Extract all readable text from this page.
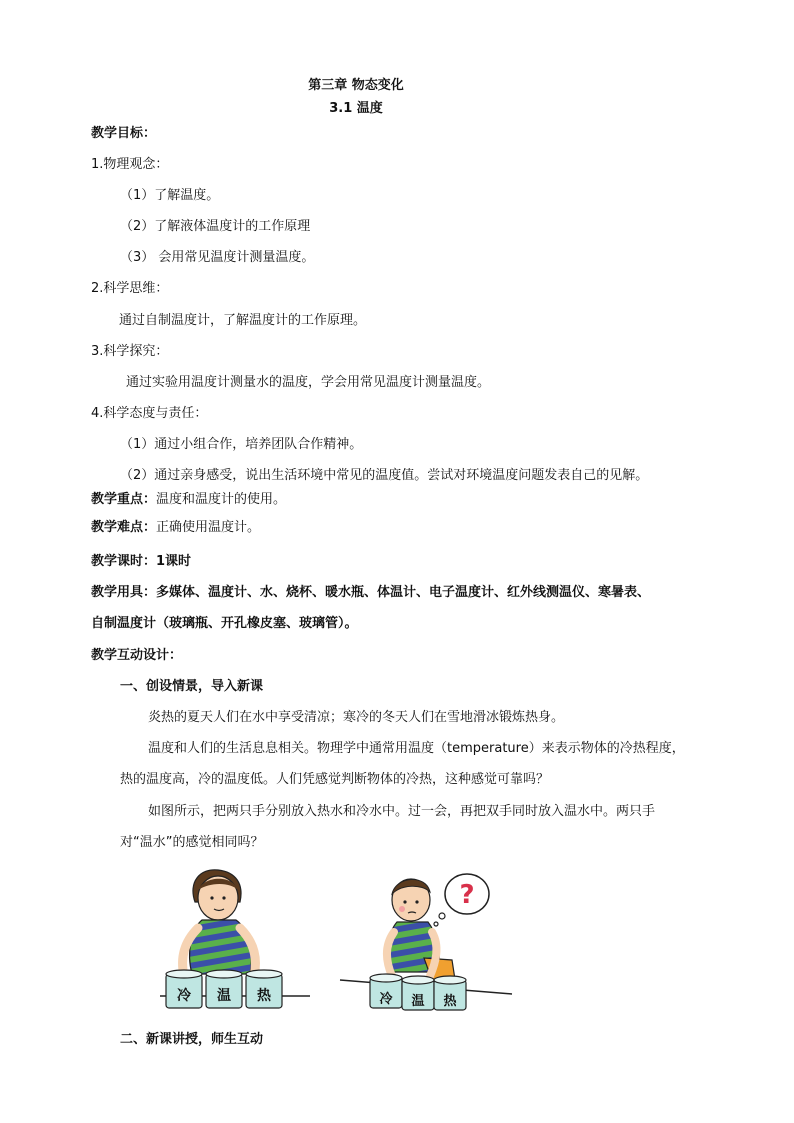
第三章 物态变化
3.1 温度
教学目标：
1.物理观念：
（1）了解温度。
（2）了解液体温度计的工作原理
（3） 会用常见温度计测量温度。
2.科学思维：
通过自制温度计，了解温度计的工作原理。
3.科学探究：
通过实验用温度计测量水的温度，学会用常见温度计测量温度。
4.科学态度与责任：
（1）通过小组合作，培养团队合作精神。
（2）通过亲身感受，说出生活环境中常见的温度值。尝试对环境温度问题发表自己的见解。
教学重点：温度和温度计的使用。
教学难点：正确使用温度计。
教学课时：1课时
教学用具：多媒体、温度计、水、烧杯、暖水瓶、体温计、电子温度计、红外线测温仪、寒暑表、
自制温度计（玻璃瓶、开孔橡皮塞、玻璃管）。
教学互动设计：
一、创设情景，导入新课
炎热的夏天人们在水中享受清凉；寒冷的冬天人们在雪地滑冰锻炼热身。
温度和人们的生活息息相关。物理学中通常用温度（temperature）来表示物体的冷热程度，
热的温度高，冷的温度低。人们凭感觉判断物体的冷热，这种感觉可靠吗？
如图所示，把两只手分别放入热水和冷水中。过一会，再把双手同时放入温水中。两只手
对“温水”的感觉相同吗？
冷 温 热
?
冷 温 热
二、新课讲授，师生互动
